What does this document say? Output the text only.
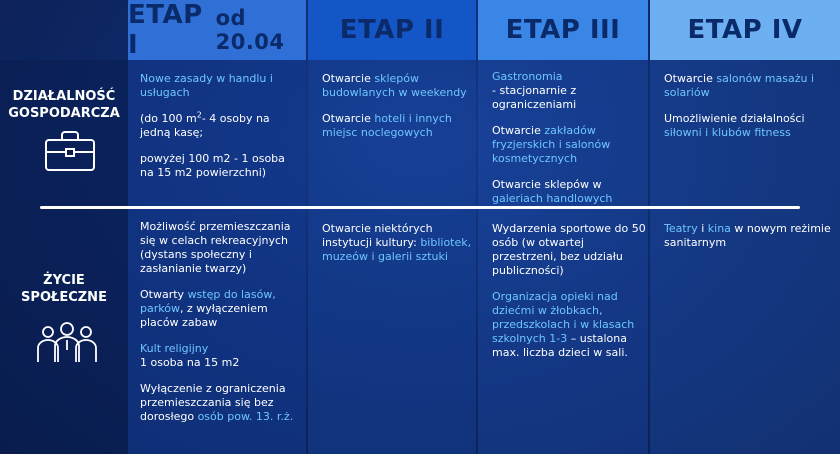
ETAP I
od 20.04	ETAP II ETAP III	ETAP IV
DZIAŁALNOŚĆ GOSPODARCZA
ŻYCIE SPOŁECZNE

Nowe zasady w handlu i usługach

(do 100 $m^2-$ 4 osoby na jedną kasę;

powyżej 100 m2 - 1 osoba na 15 m2 powierzchni)

Otwarcie sklepów budowlanych w weekendy

Otwarcie hoteli i innych miejsc noclegowych

Gastronomia
- stacjonarnie z ograniczeniami

Otwarcie zakładów fryzjerskich i salonów kosmetycznych

Otwarcie sklepów w galeriach handlowych

Otwarcie salonów masażu i solariów

Umożliwienie działalności siłowni i klubów fitness

Możliwość przemieszczania się w celach rekreacyjnych (dystans społeczny i zasłanianie twarzy)

Otwarty wstęp do lasów, parków, z wyłączeniem placów zabaw

Kult religijny
1 osoba na 15 m2

Wyłączenie z ograniczenia przemieszczania się bez dorosłego osób pow. 13. r.ż.

Otwarcie niektórych instytucji kultury: bibliotek, muzeów i galerii sztuki

Wydarzenia sportowe do 50 osób (w otwartej przestrzeni, bez udziału publiczności)

Organizacja opieki nad dziećmi w żłobkach, przedszkolach i w klasach szkolnych 1-3 – ustalona max. liczba dzieci w sali.

Teatry i kina w nowym reżimie sanitarnym
